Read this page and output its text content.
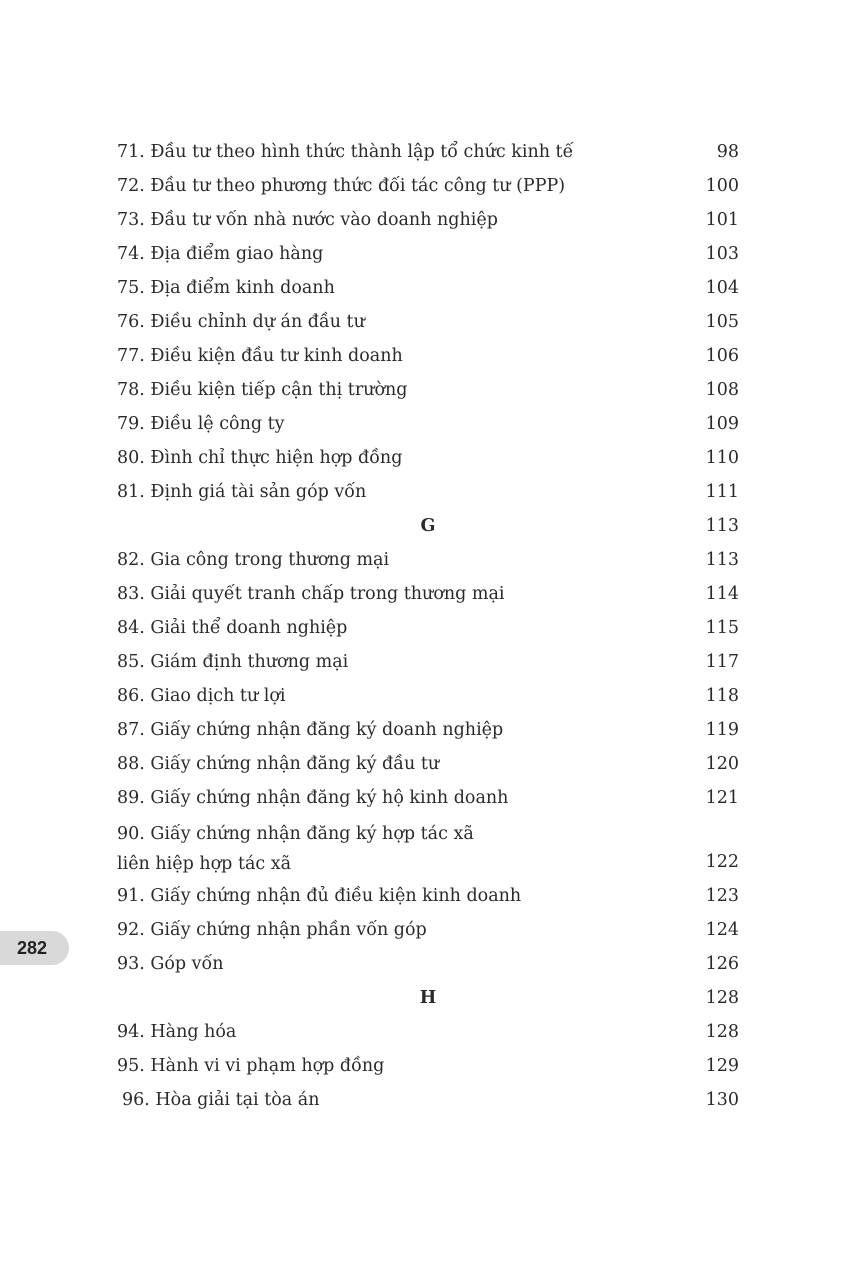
71. Đầu tư theo hình thức thành lập tổ chức kinh tế	98
72. Đầu tư theo phương thức đối tác công tư (PPP)	100
73. Đầu tư vốn nhà nước vào doanh nghiệp	101
74. Địa điểm giao hàng	103
75. Địa điểm kinh doanh	104
76. Điều chỉnh dự án đầu tư	105
77. Điều kiện đầu tư kinh doanh	106
78. Điều kiện tiếp cận thị trường	108
79. Điều lệ công ty	109
80. Đình chỉ thực hiện hợp đồng	110
81. Định giá tài sản góp vốn	111
G	113
82. Gia công trong thương mại	113
83. Giải quyết tranh chấp trong thương mại	114
84. Giải thể doanh nghiệp	115
85. Giám định thương mại	117
86. Giao dịch tư lợi	118
87. Giấy chứng nhận đăng ký doanh nghiệp	119
88. Giấy chứng nhận đăng ký đầu tư	120
89. Giấy chứng nhận đăng ký hộ kinh doanh	121
90. Giấy chứng nhận đăng ký hợp tác xã
liên hiệp hợp tác xã	122
91. Giấy chứng nhận đủ điều kiện kinh doanh	123
92. Giấy chứng nhận phần vốn góp	124
93. Góp vốn	126
H	128
94. Hàng hóa	128
95. Hành vi vi phạm hợp đồng	129
96. Hòa giải tại tòa án	130
282
